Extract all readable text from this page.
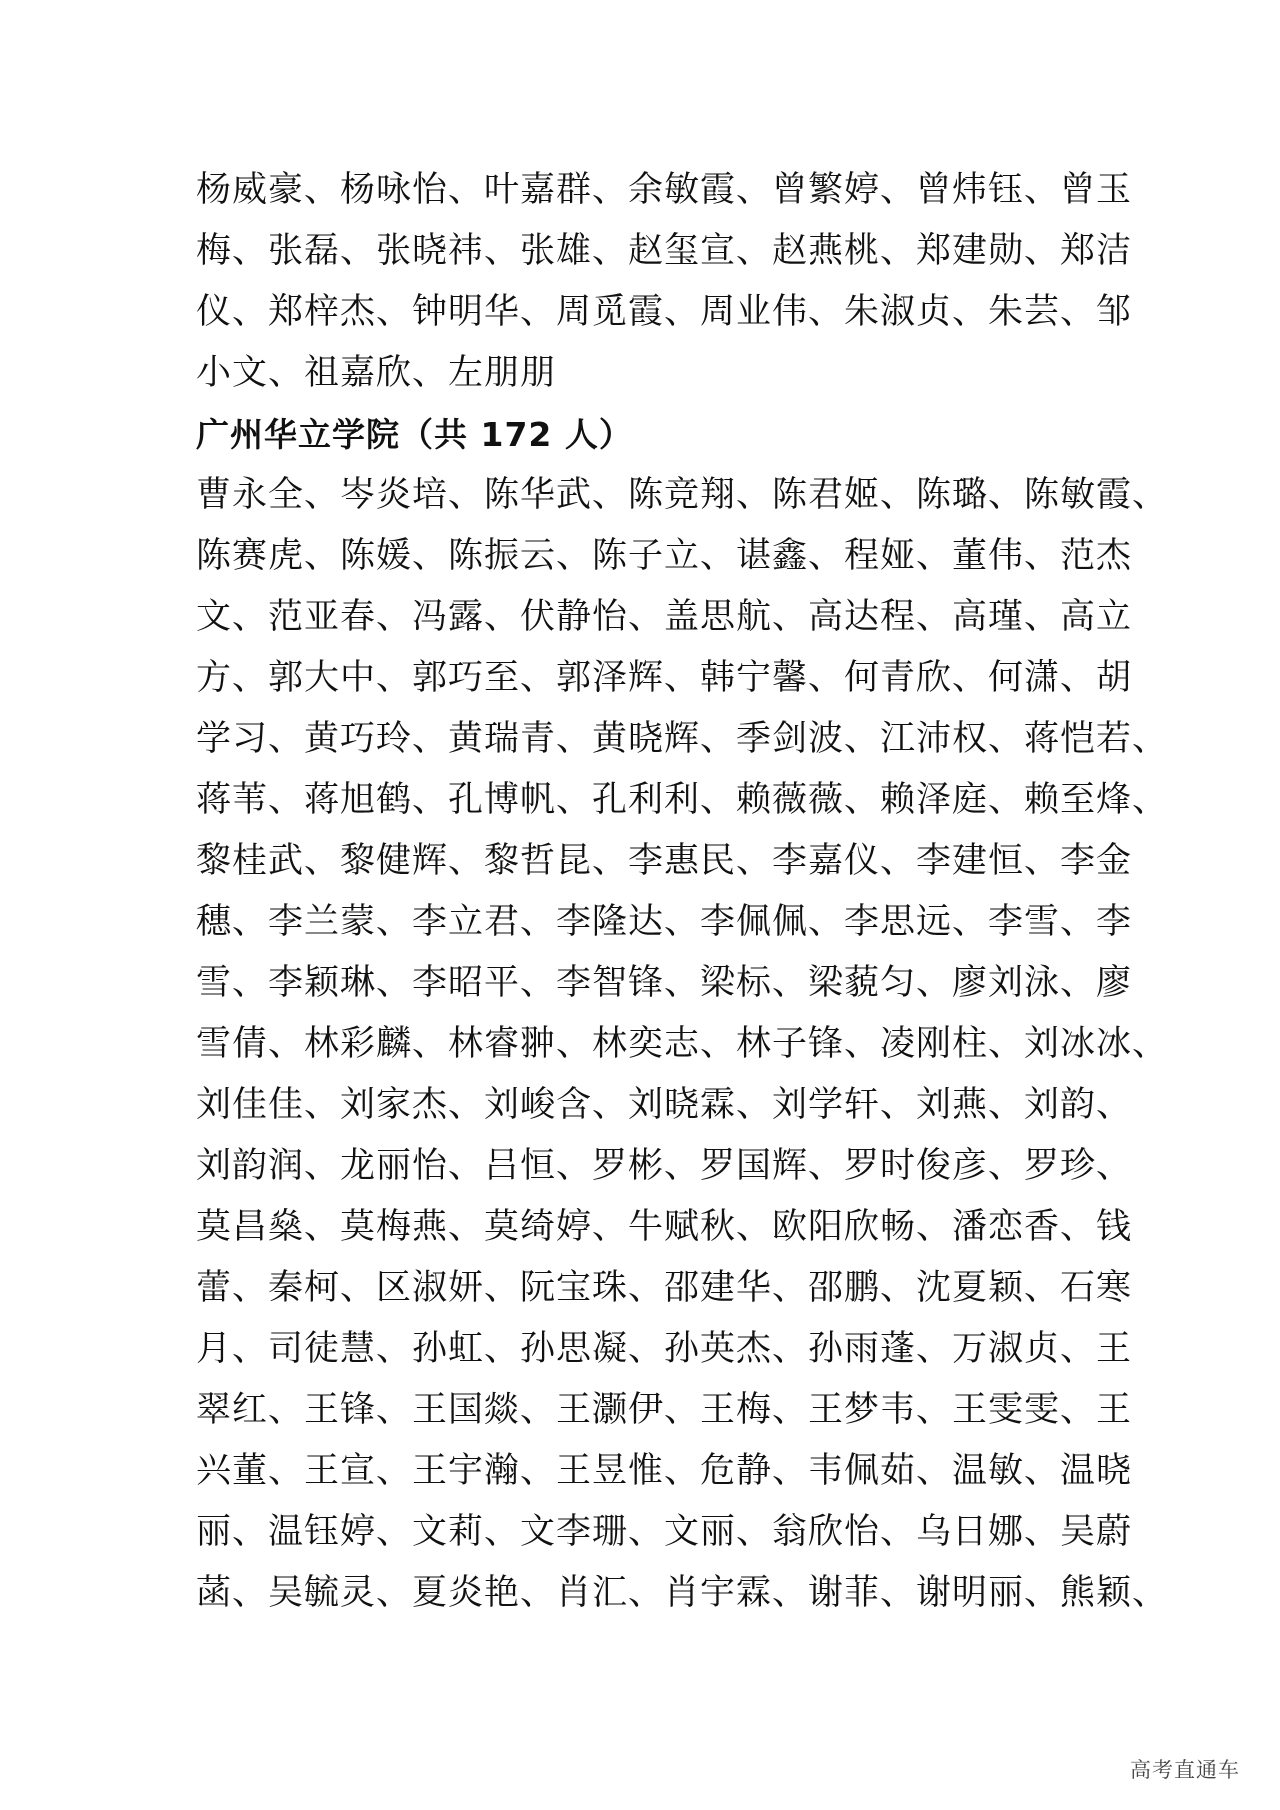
杨威豪、杨咏怡、叶嘉群、余敏霞、曾繁婷、曾炜钰、曾玉
梅、张磊、张晓祎、张雄、赵玺宣、赵燕桃、郑建勋、郑洁
仪、郑梓杰、钟明华、周觅霞、周业伟、朱淑贞、朱芸、邹
小文、祖嘉欣、左朋朋
广州华立学院（共 172 人）
曹永全、岑炎培、陈华武、陈竞翔、陈君姬、陈璐、陈敏霞、
陈赛虎、陈媛、陈振云、陈子立、谌鑫、程娅、董伟、范杰
文、范亚春、冯露、伏静怡、盖思航、高达程、高瑾、高立
方、郭大中、郭巧至、郭泽辉、韩宁馨、何青欣、何潇、胡
学习、黄巧玲、黄瑞青、黄晓辉、季剑波、江沛权、蒋恺若、
蒋苇、蒋旭鹤、孔博帆、孔利利、赖薇薇、赖泽庭、赖至烽、
黎桂武、黎健辉、黎哲昆、李惠民、李嘉仪、李建恒、李金
穗、李兰蒙、李立君、李隆达、李佩佩、李思远、李雪、李
雪、李颖琳、李昭平、李智锋、梁标、梁藐匀、廖刘泳、廖
雪倩、林彩麟、林睿翀、林奕志、林子锋、凌刚柱、刘冰冰、
刘佳佳、刘家杰、刘峻含、刘晓霖、刘学轩、刘燕、刘韵、
刘韵润、龙丽怡、吕恒、罗彬、罗国辉、罗时俊彦、罗珍、
莫昌燊、莫梅燕、莫绮婷、牛赋秋、欧阳欣畅、潘恋香、钱
蕾、秦柯、区淑妍、阮宝珠、邵建华、邵鹏、沈夏颖、石寒
月、司徒慧、孙虹、孙思凝、孙英杰、孙雨蓬、万淑贞、王
翠红、王锋、王国燚、王灏伊、王梅、王梦韦、王雯雯、王
兴董、王宣、王宇瀚、王昱惟、危静、韦佩茹、温敏、温晓
丽、温钰婷、文莉、文李珊、文丽、翁欣怡、乌日娜、吴蔚
菡、吴毓灵、夏炎艳、肖汇、肖宇霖、谢菲、谢明丽、熊颖、
高考直通车
